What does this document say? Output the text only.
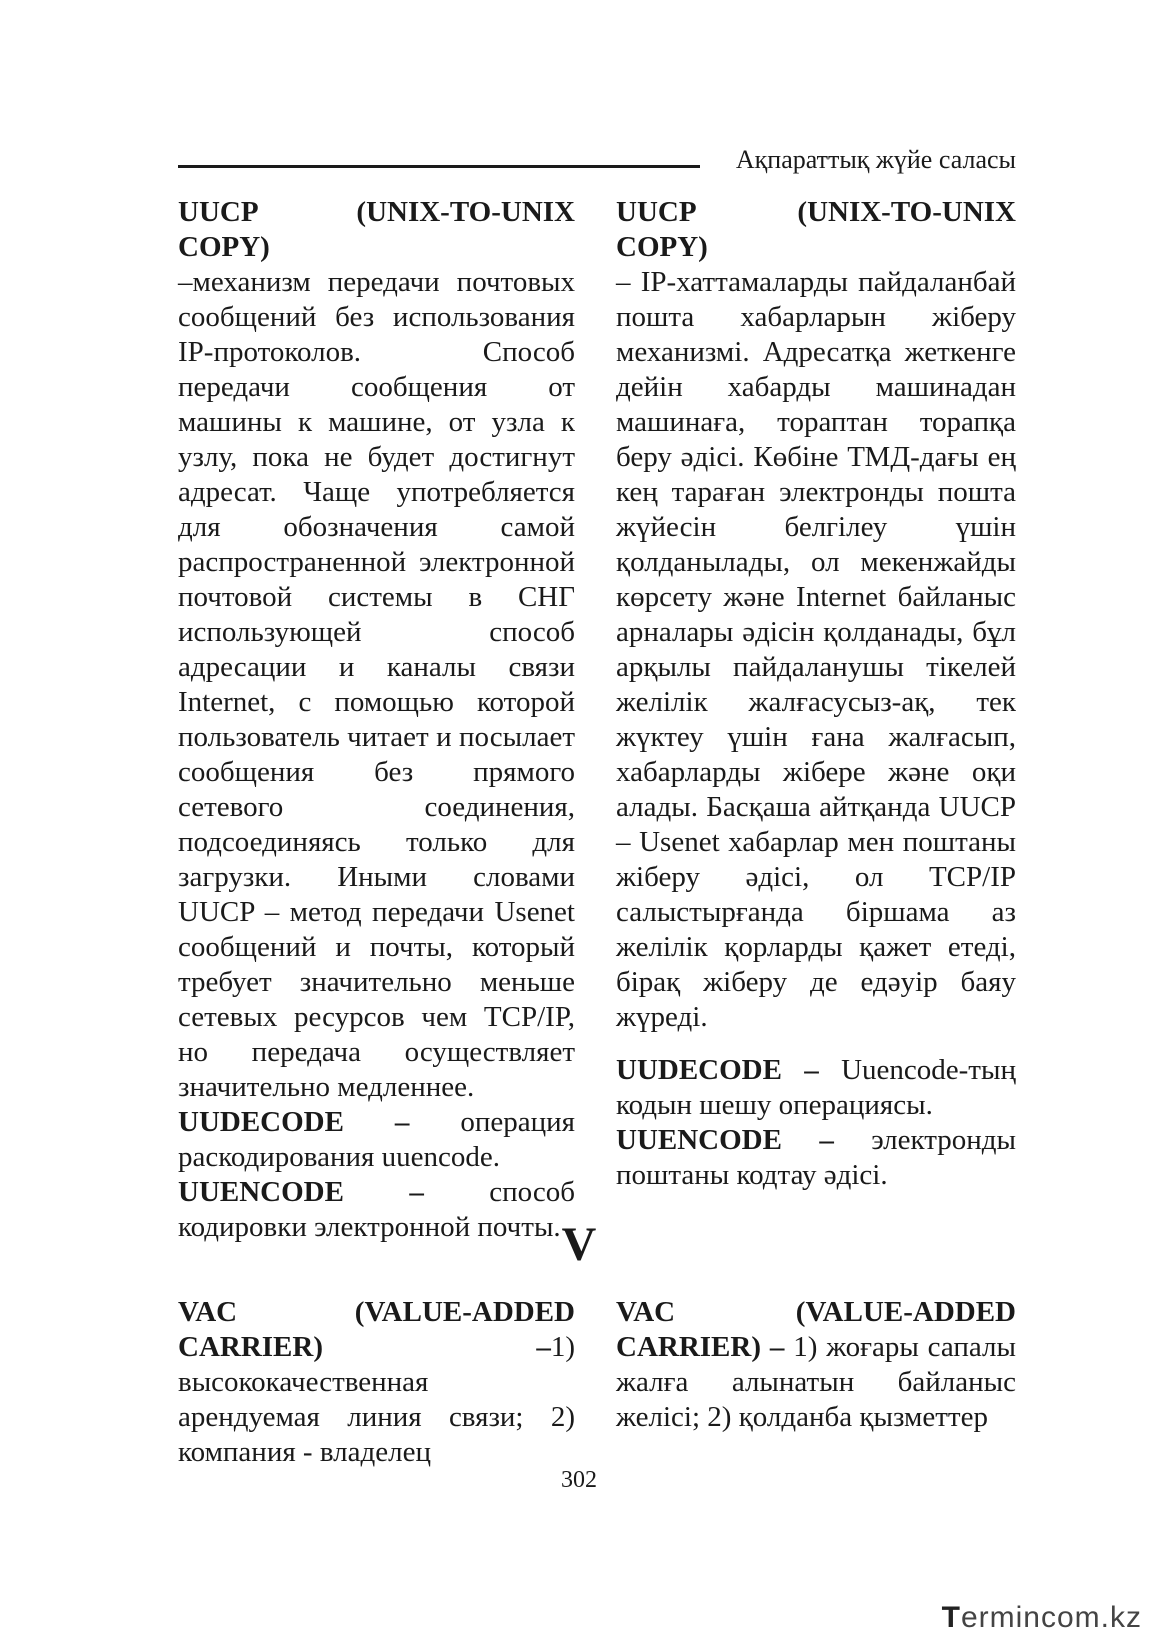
Ақпараттық жүйе саласы

UUCP (UNIX-TO-UNIX COPY)
–механизм передачи почтовых сообщений без использования IP-протоколов. Способ передачи сообщения от машины к машине, от узла к узлу, пока не будет достигнут адресат. Чаще употребляется для обозначения самой распространенной электронной почтовой системы в СНГ использующей способ адресации и каналы связи Internet, с помощью которой пользователь читает и посылает сообщения без прямого сетевого соединения, подсоединяясь только для загрузки. Иными словами UUCP – метод передачи Usenet сообщений и почты, который требует значительно меньше сетевых ресурсов чем TCP/IP, но передача осуществляет значительно медленнее.

UUDECODE – операция раскодирования uuencode.

UUENCODE – способ кодировки электронной почты.

UUCP (UNIX-TO-UNIX COPY)
– IP-хаттамаларды пайдаланбай пошта хабарларын жіберу механизмі. Адресатқа жеткенге дейін хабарды машинадан машинаға, тораптан торапқа беру әдісі. Көбіне ТМД-дағы ең кең тараған электронды пошта жүйесін белгілеу үшін қолданылады, ол мекенжайды көрсету және Internet байланыс арналары әдісін қолданады, бұл арқылы пайдаланушы тікелей желілік жалғасусыз-ақ, тек жүктеу үшін ғана жалғасып, хабарларды жібере және оқи алады. Басқаша айтқанда UUCP – Usenet хабарлар мен поштаны жіберу әдісі, ол TCP/IP салыстырғанда біршама аз желілік қорларды қажет етеді, бірақ жіберу де едәуір баяу жүреді.

UUDECODE – Uuencode-тың кодын шешу операциясы.

UUENCODE – электронды поштаны кодтау әдісі.

V

VAC (VALUE-ADDED CARRIER) –1) высококачественная арендуемая линия связи; 2) компания - владелец

VAC (VALUE-ADDED CARRIER) – 1) жоғары сапалы жалға алынатын байланыс желісі; 2) қолданба қызметтер

302
Termincom.kz
